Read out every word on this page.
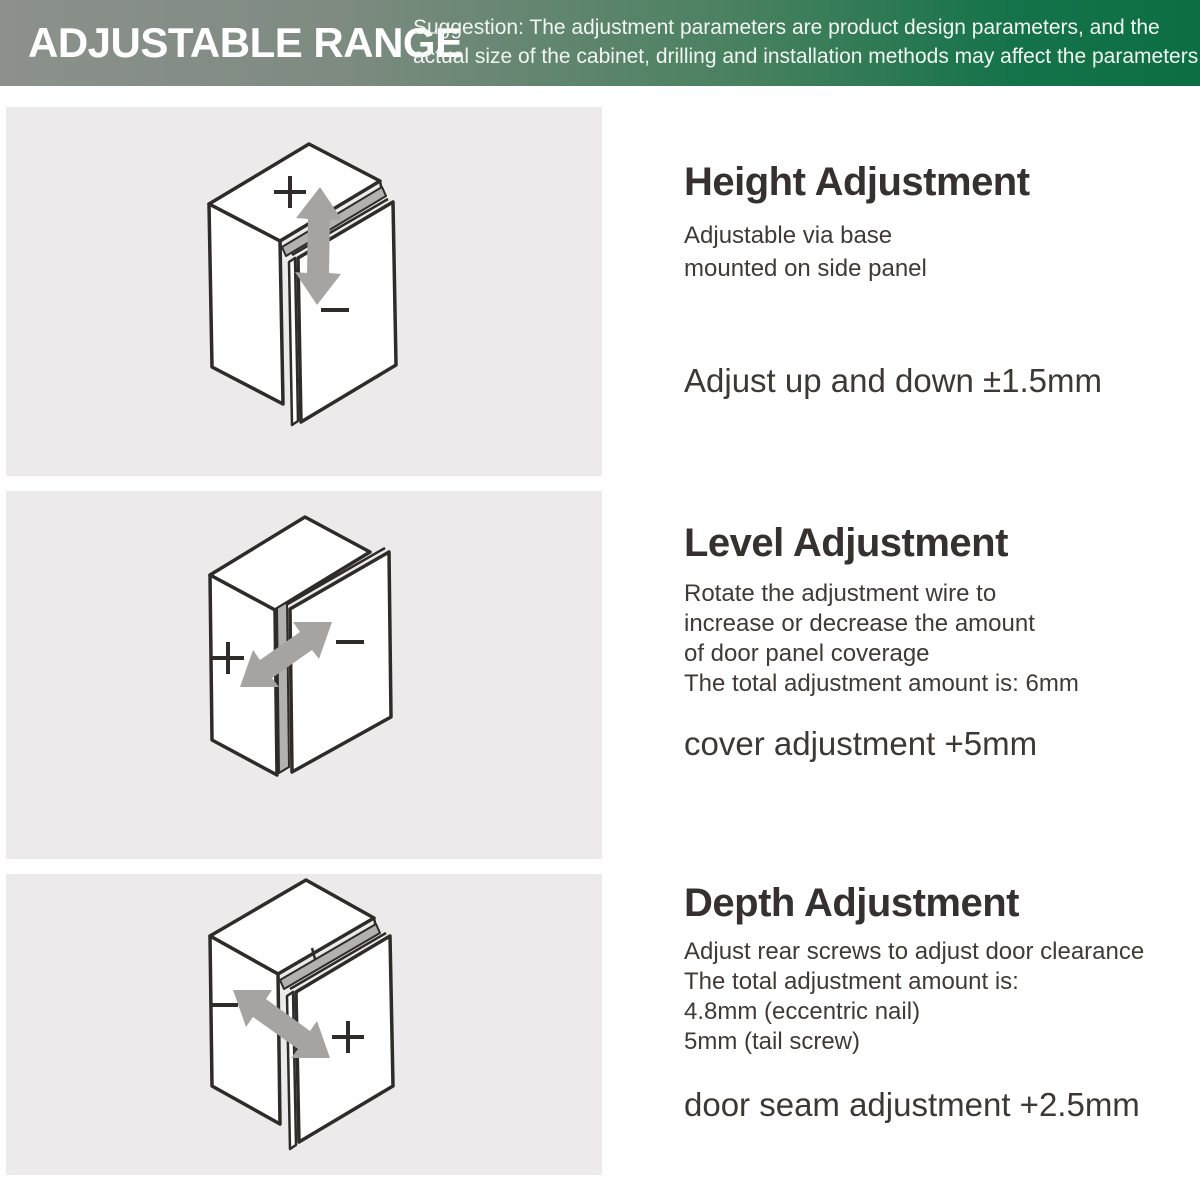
ADJUSTABLE RANGE
Suggestion: The adjustment parameters are product design parameters, and the
actual size of the cabinet, drilling and installation methods may affect the parameters
Height Adjustment
Adjustable via base
mounted on side panel
Adjust up and down ±1.5mm
Level Adjustment
Rotate the adjustment wire to
increase or decrease the amount
of door panel coverage
The total adjustment amount is: 6mm
cover adjustment +5mm
Depth Adjustment
Adjust rear screws to adjust door clearance
The total adjustment amount is:
4.8mm (eccentric nail)
5mm (tail screw)
door seam adjustment +2.5mm
